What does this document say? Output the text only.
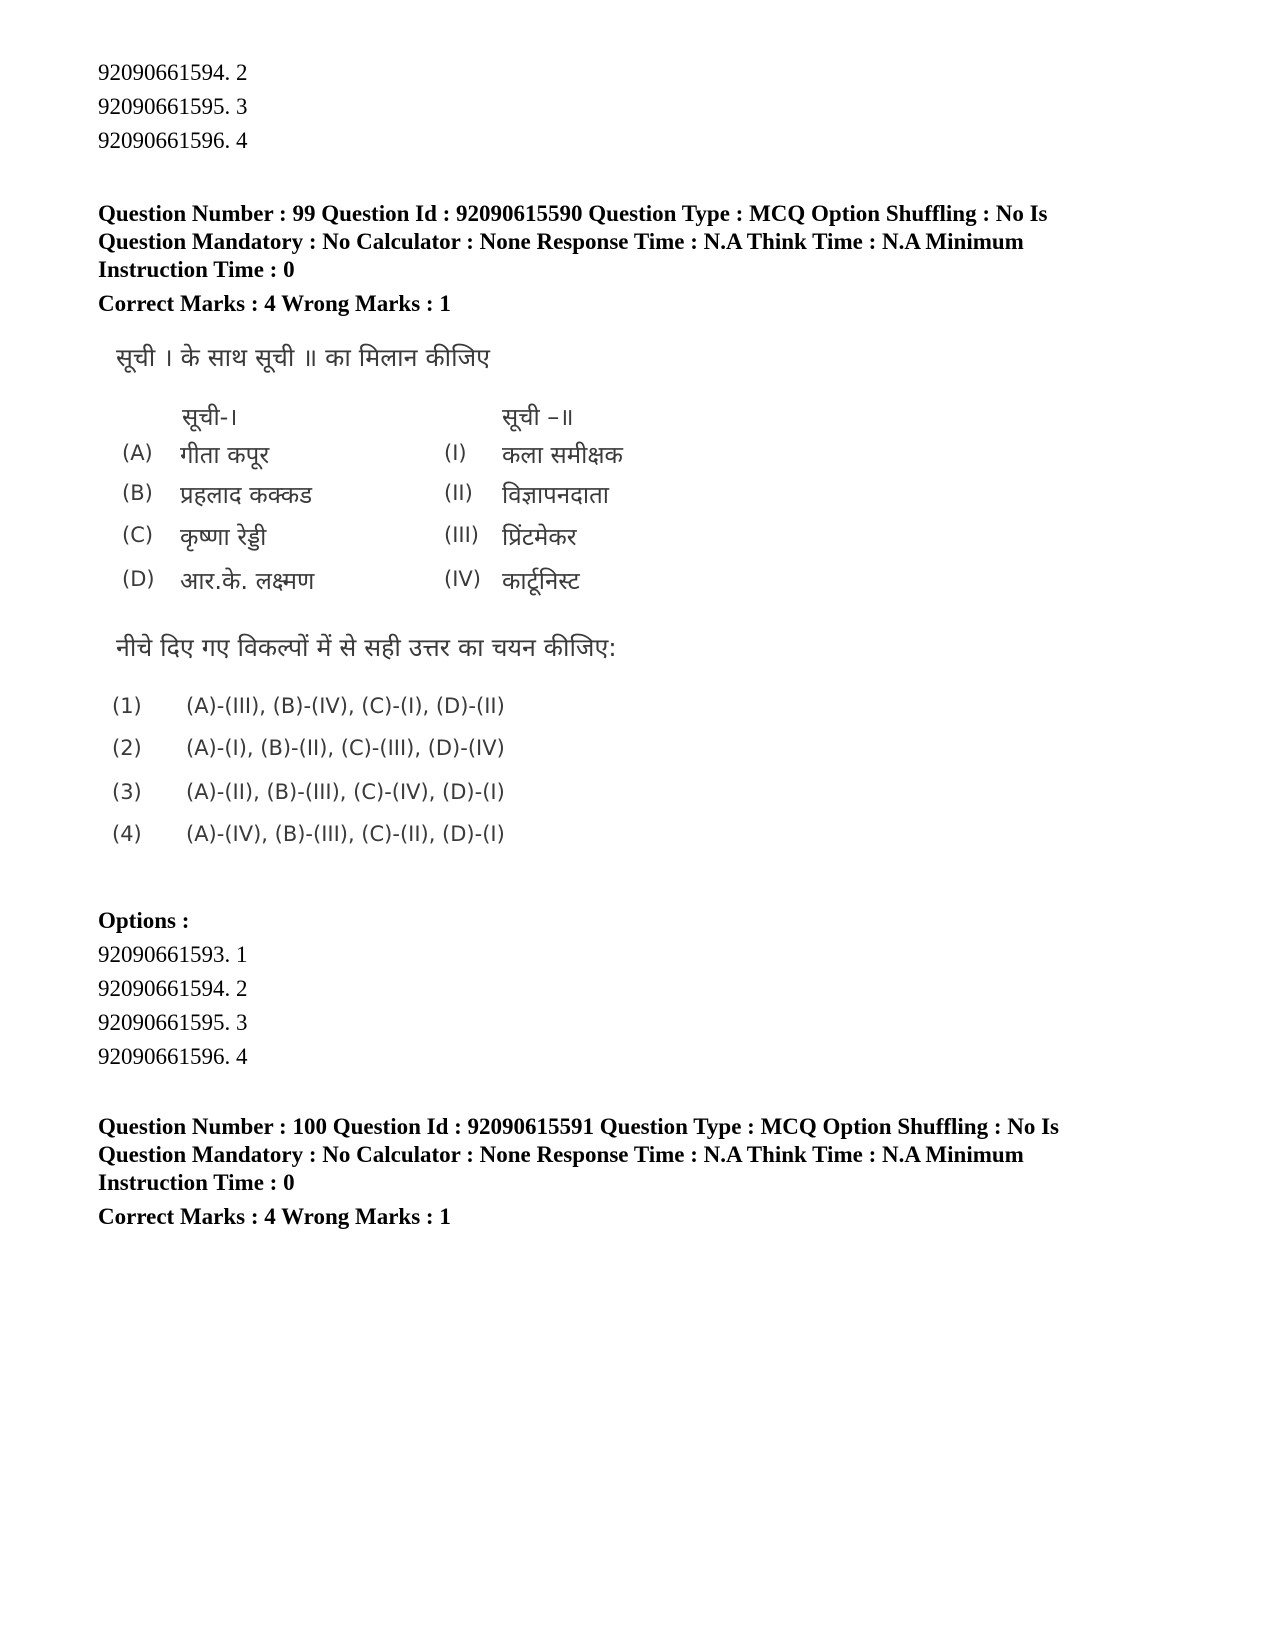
92090661594. 2
92090661595. 3
92090661596. 4
Question Number : 99 Question Id : 92090615590 Question Type : MCQ Option Shuffling : No Is Question Mandatory : No Calculator : None Response Time : N.A Think Time : N.A Minimum Instruction Time : 0
Correct Marks : 4 Wrong Marks : 1
सूची । के साथ सूची ॥ का मिलान कीजिए
सूची-।	सूची –॥
(A) गीता कपूर	(I) कला समीक्षक
(B) प्रहलाद कक्कड	(II) विज्ञापनदाता
(C) कृष्णा रेड्डी	(III) प्रिंटमेकर
(D) आर.के. लक्ष्मण	(IV) कार्टूनिस्ट
नीचे दिए गए विकल्पों में से सही उत्तर का चयन कीजिए:
(1) (A)-(III), (B)-(IV), (C)-(I), (D)-(II)
(2) (A)-(I), (B)-(II), (C)-(III), (D)-(IV)
(3) (A)-(II), (B)-(III), (C)-(IV), (D)-(I)
(4) (A)-(IV), (B)-(III), (C)-(II), (D)-(I)
Options :
92090661593. 1
92090661594. 2
92090661595. 3
92090661596. 4
Question Number : 100 Question Id : 92090615591 Question Type : MCQ Option Shuffling : No Is Question Mandatory : No Calculator : None Response Time : N.A Think Time : N.A Minimum Instruction Time : 0
Correct Marks : 4 Wrong Marks : 1
